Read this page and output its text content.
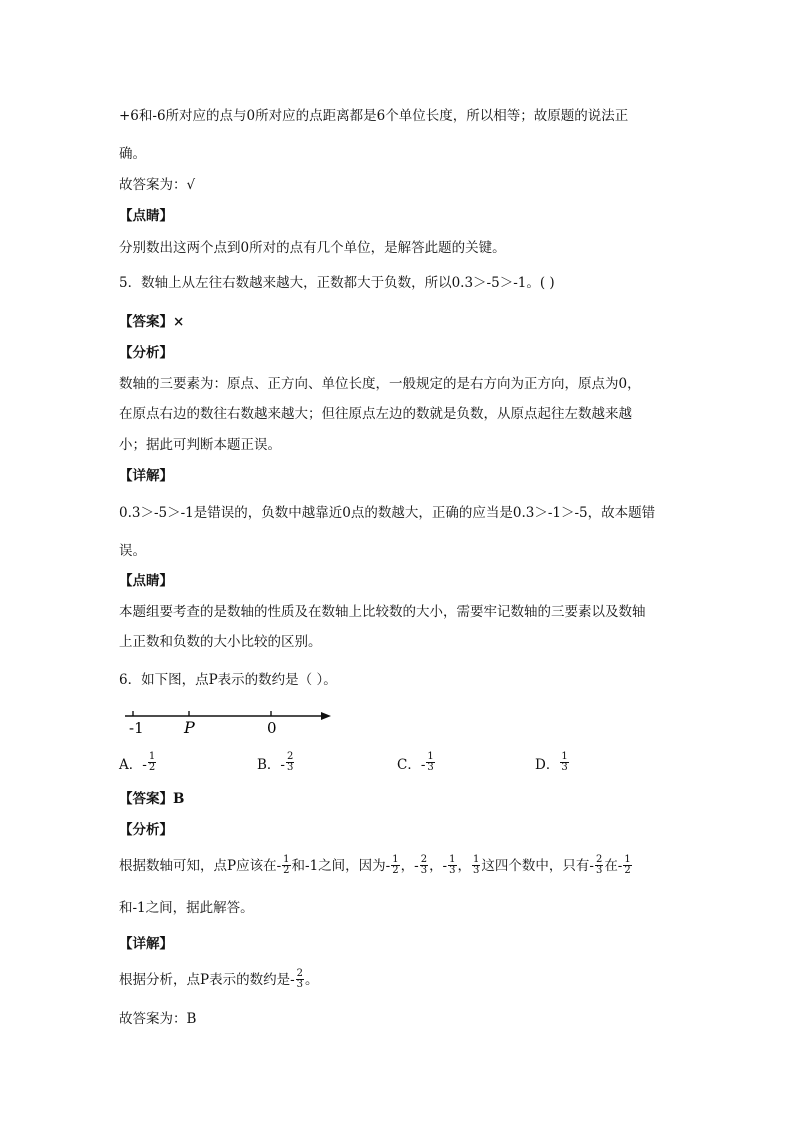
+6和-6所对应的点与0所对应的点距离都是6个单位长度，所以相等；故原题的说法正
确。
故答案为：√
【点睛】
分别数出这两个点到0所对的点有几个单位，是解答此题的关键。
5．数轴上从左往右数越来越大，正数都大于负数，所以0.3＞-5＞-1。( )
【答案】×
【分析】
数轴的三要素为：原点、正方向、单位长度，一般规定的是右方向为正方向，原点为0，
在原点右边的数往右数越来越大；但往原点左边的数就是负数，从原点起往左数越来越
小；据此可判断本题正误。
【详解】
0.3＞-5＞-1是错误的，负数中越靠近0点的数越大，正确的应当是0.3＞-1＞-5，故本题错
误。
【点睛】
本题组要考查的是数轴的性质及在数轴上比较数的大小，需要牢记数轴的三要素以及数轴
上正数和负数的大小比较的区别。
6．如下图，点P表示的数约是（ ）。
-1	P	0
A．- $\frac{1}{2}$	B．- $\frac{2}{3}$	C．- $\frac{1}{3}$	D． $\frac{1}{3}$
【答案】B
【分析】
根据数轴可知，点P应该在- $\frac{1}{2}$ 和-1之间，因为- $\frac{1}{2}$ ，- $\frac{2}{3}$ ，- $\frac{1}{3}$ ， $\frac{1}{3}$ 这四个数中，只有- $\frac{2}{3}$ 在- $\frac{1}{2}$
和-1之间，据此解答。
【详解】
根据分析，点P表示的数约是- $\frac{2}{3}$ 。
故答案为：B
